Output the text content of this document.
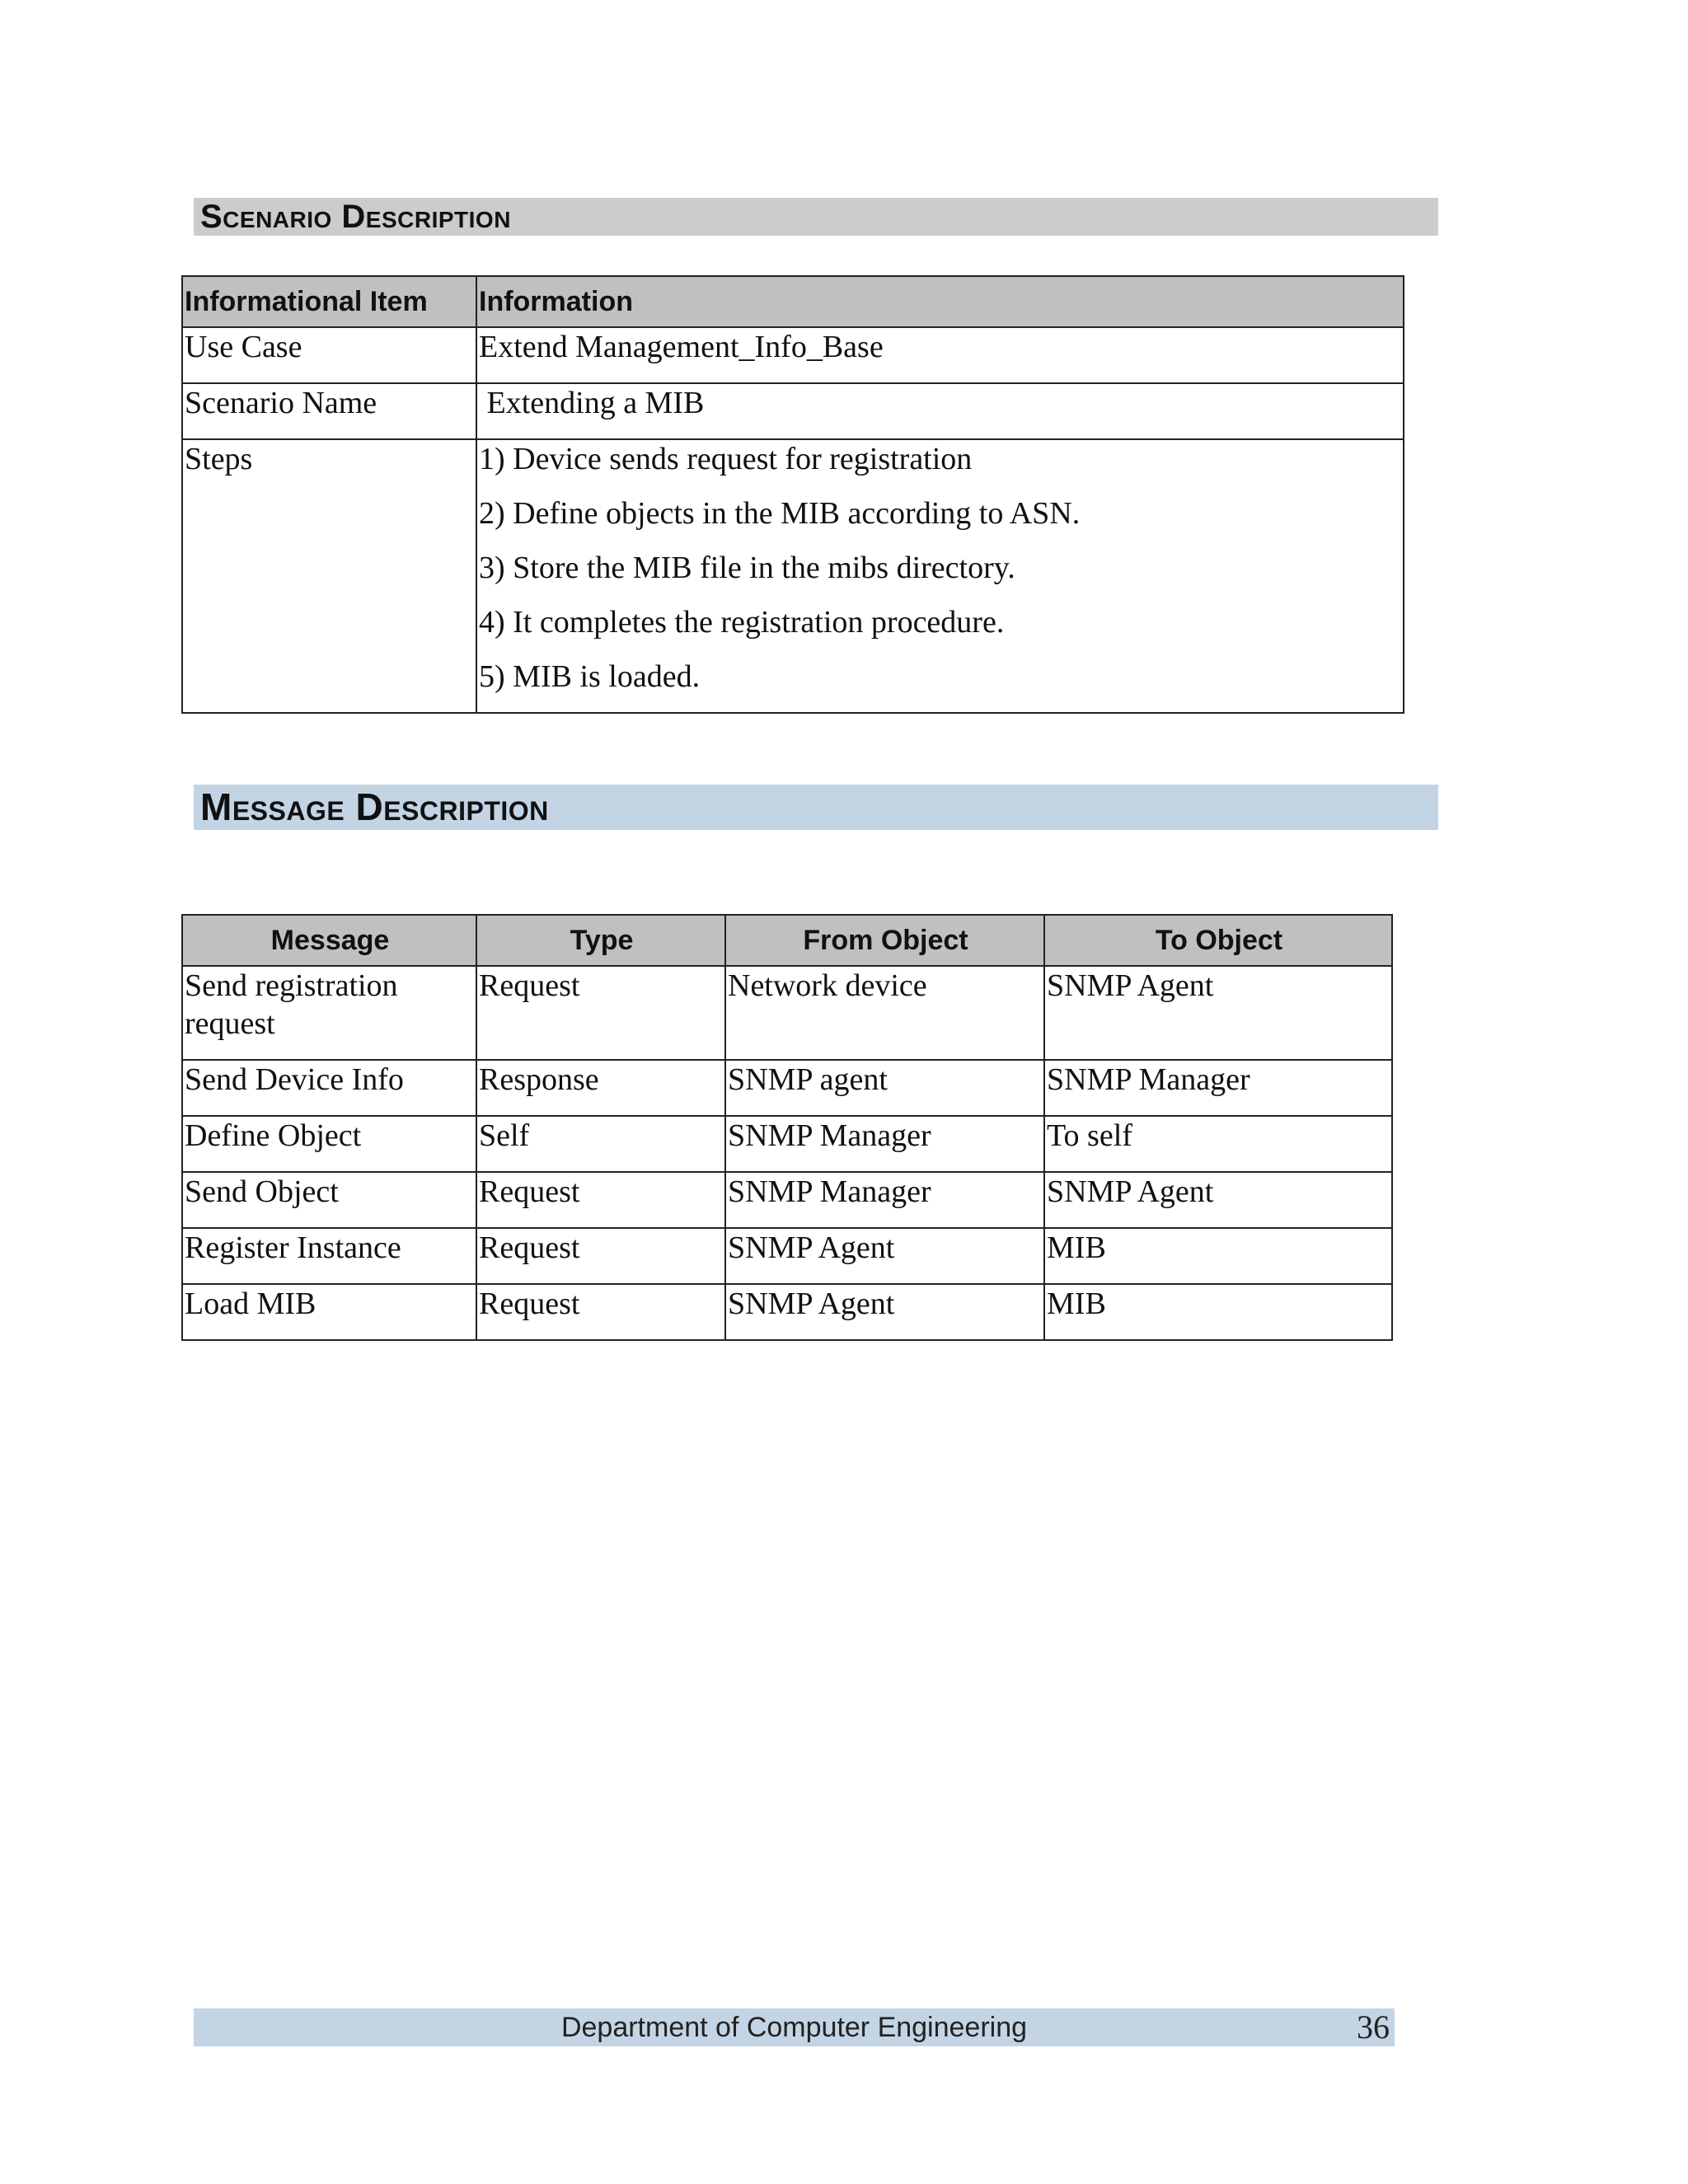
Scenario Description
Informational Item	Information
Use Case	Extend Management_Info_Base
Scenario Name	Extending a MIB
Steps	1) Device sends request for registration
2) Define objects in the MIB according to ASN.
3) Store the MIB file in the mibs directory.
4) It completes the registration procedure.
5) MIB is loaded.
Message Description
Message	Type	From Object	To Object
Send registration request	Request	Network device	SNMP Agent
Send Device Info	Response	SNMP agent	SNMP Manager
Define Object	Self	SNMP Manager	To self
Send Object	Request	SNMP Manager	SNMP Agent
Register Instance	Request	SNMP Agent	MIB
Load MIB	Request	SNMP Agent	MIB
Department of Computer Engineering	36
